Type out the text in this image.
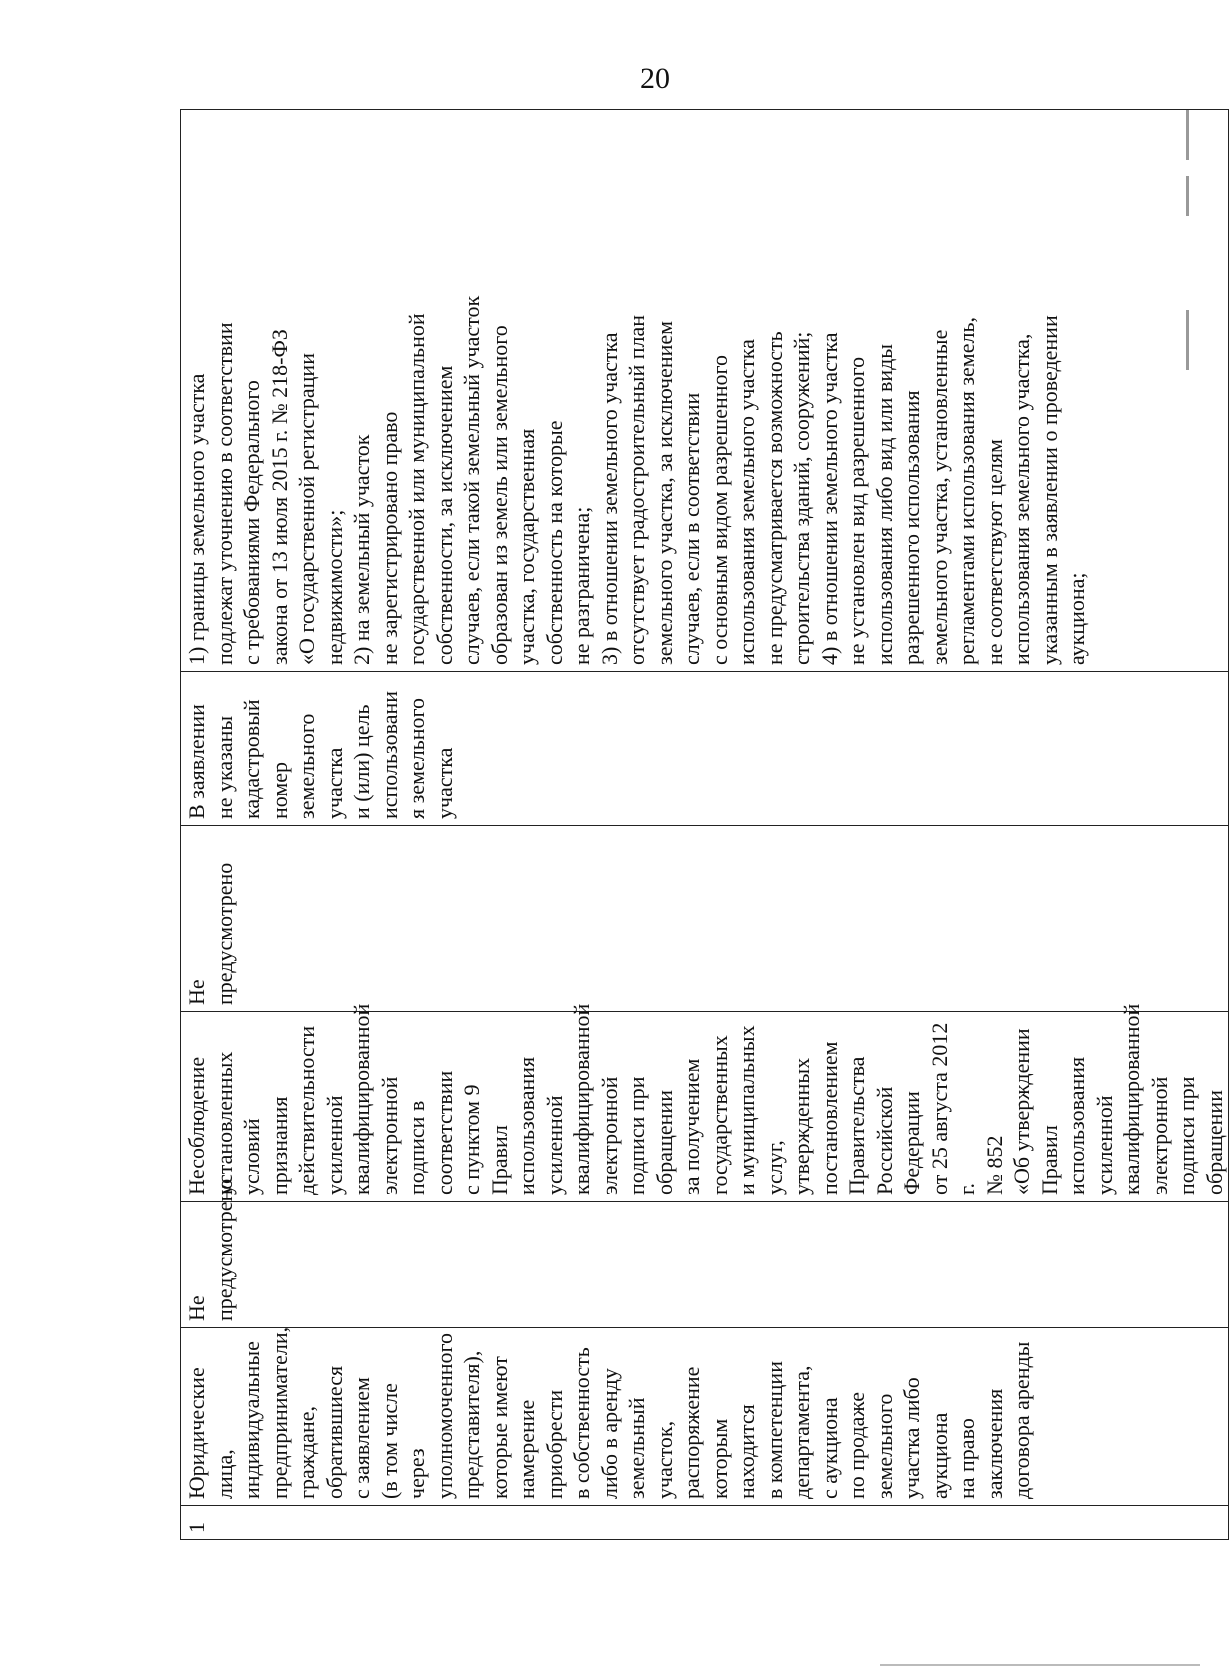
20
1	Юридические
лица,
индивидуальные
предприниматели,
граждане,
обратившиеся
с заявлением
(в том числе через
уполномоченного
представителя),
которые имеют
намерение
приобрести
в собственность
либо в аренду
земельный
участок,
распоряжение
которым
находится
в компетенции
департамента,
с аукциона
по продаже
земельного
участка либо
аукциона
на право
заключения
договора аренды	Не
предусмотрено	Несоблюдение
установленных
условий признания
действительности
усиленной
квалифицированной
электронной
подписи в
соответствии
с пунктом 9 Правил
использования
усиленной
квалифицированной
электронной
подписи при
обращении
за получением
государственных
и муниципальных
услуг, утвержденных
постановлением
Правительства
Российской
Федерации
от 25 августа 2012 г.
№ 852
«Об утверждении
Правил
использования
усиленной
квалифицированной
электронной
подписи при
обращении	Не
предусмотрено	В заявлении
не указаны
кадастровый
номер
земельного
участка
и (или) цель
использовани
я земельного
участка	1) границы земельного участка
подлежат уточнению в соответствии
с требованиями Федерального
закона от 13 июля 2015 г. № 218-ФЗ
«О государственной регистрации
недвижимости»;
2) на земельный участок
не зарегистрировано право
государственной или муниципальной
собственности, за исключением
случаев, если такой земельный участок
образован из земель или земельного
участка, государственная
собственность на которые
не разграничена;
3) в отношении земельного участка
отсутствует градостроительный план
земельного участка, за исключением
случаев, если в соответствии
с основным видом разрешенного
использования земельного участка
не предусматривается возможность
строительства зданий, сооружений;
4) в отношении земельного участка
не установлен вид разрешенного
использования либо вид или виды
разрешенного использования
земельного участка, установленные
регламентами использования земель,
не соответствуют целям
использования земельного участка,
указанным в заявлении о проведении
аукциона;
